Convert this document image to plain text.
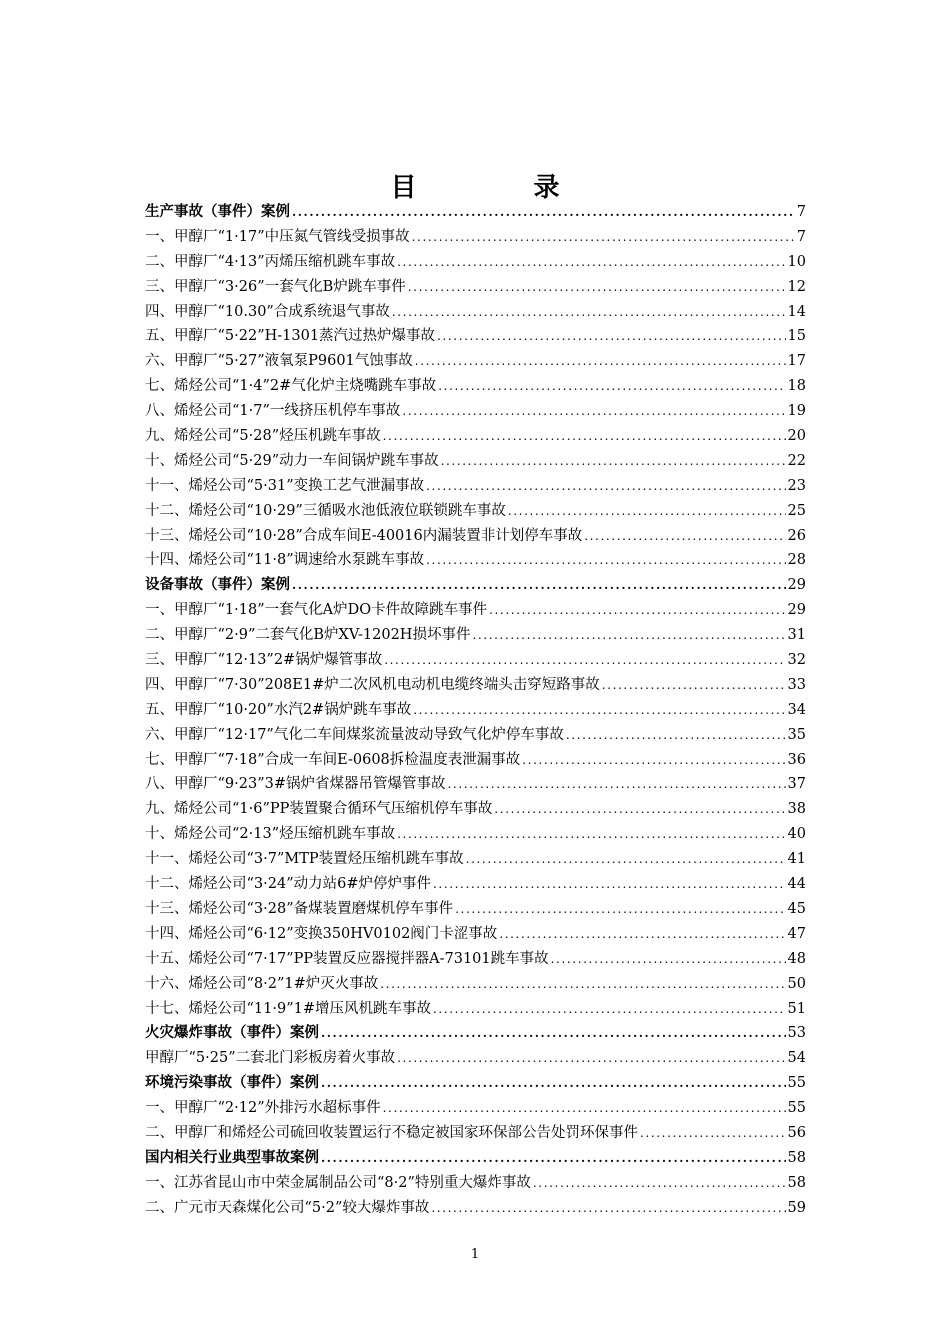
目 录
生产事故（事件）案例 .....	7
一、甲醇厂“1·17”中压氮气管线受损事故 .....	7
二、甲醇厂“4·13”丙烯压缩机跳车事故 .....	10
三、甲醇厂“3·26”一套气化B炉跳车事件 .....	12
四、甲醇厂“10.30”合成系统退气事故 .....	14
五、甲醇厂“5·22”H-1301蒸汽过热炉爆事故 .....	15
六、甲醇厂“5·27”液氧泵P9601气蚀事故 .....	17
七、烯烃公司“1·4”2#气化炉主烧嘴跳车事故 .....	18
八、烯烃公司“1·7”一线挤压机停车事故 .....	19
九、烯烃公司“5·28”烃压机跳车事故 .....	20
十、烯烃公司“5·29”动力一车间锅炉跳车事故 .....	22
十一、烯烃公司“5·31”变换工艺气泄漏事故 .....	23
十二、烯烃公司“10·29”三循吸水池低液位联锁跳车事故 .....	25
十三、烯烃公司“10·28”合成车间E-40016内漏装置非计划停车事故 .....	26
十四、烯烃公司“11·8”调速给水泵跳车事故 .....	28
设备事故（事件）案例 .....	29
一、甲醇厂“1·18”一套气化A炉DO卡件故障跳车事件 .....	29
二、甲醇厂“2·9”二套气化B炉XV-1202H损坏事件 .....	31
三、甲醇厂“12·13”2#锅炉爆管事故 .....	32
四、甲醇厂“7·30”208E1#炉二次风机电动机电缆终端头击穿短路事故 .....	33
五、甲醇厂“10·20”水汽2#锅炉跳车事故 .....	34
六、甲醇厂“12·17”气化二车间煤浆流量波动导致气化炉停车事故 .....	35
七、甲醇厂“7·18”合成一车间E-0608拆检温度表泄漏事故 .....	36
八、甲醇厂“9·23”3#锅炉省煤器吊管爆管事故 .....	37
九、烯烃公司“1·6”PP装置聚合循环气压缩机停车事故 .....	38
十、烯烃公司“2·13”烃压缩机跳车事故 .....	40
十一、烯烃公司“3·7”MTP装置烃压缩机跳车事故 .....	41
十二、烯烃公司“3·24”动力站6#炉停炉事件 .....	44
十三、烯烃公司“3·28”备煤装置磨煤机停车事件 .....	45
十四、烯烃公司“6·12”变换350HV0102阀门卡涩事故 .....	47
十五、烯烃公司“7·17”PP装置反应器搅拌器A-73101跳车事故 .....	48
十六、烯烃公司“8·2”1#炉灭火事故 .....	50
十七、烯烃公司“11·9”1#增压风机跳车事故 .....	51
火灾爆炸事故（事件）案例 .....	53
甲醇厂“5·25”二套北门彩板房着火事故 .....	54
环境污染事故（事件）案例 .....	55
一、甲醇厂“2·12”外排污水超标事件 .....	55
二、甲醇厂和烯烃公司硫回收装置运行不稳定被国家环保部公告处罚环保事件 .....	56
国内相关行业典型事故案例 .....	58
一、江苏省昆山市中荣金属制品公司“8·2”特别重大爆炸事故 .....	58
二、广元市天森煤化公司“5·2”较大爆炸事故 .....	59
1
